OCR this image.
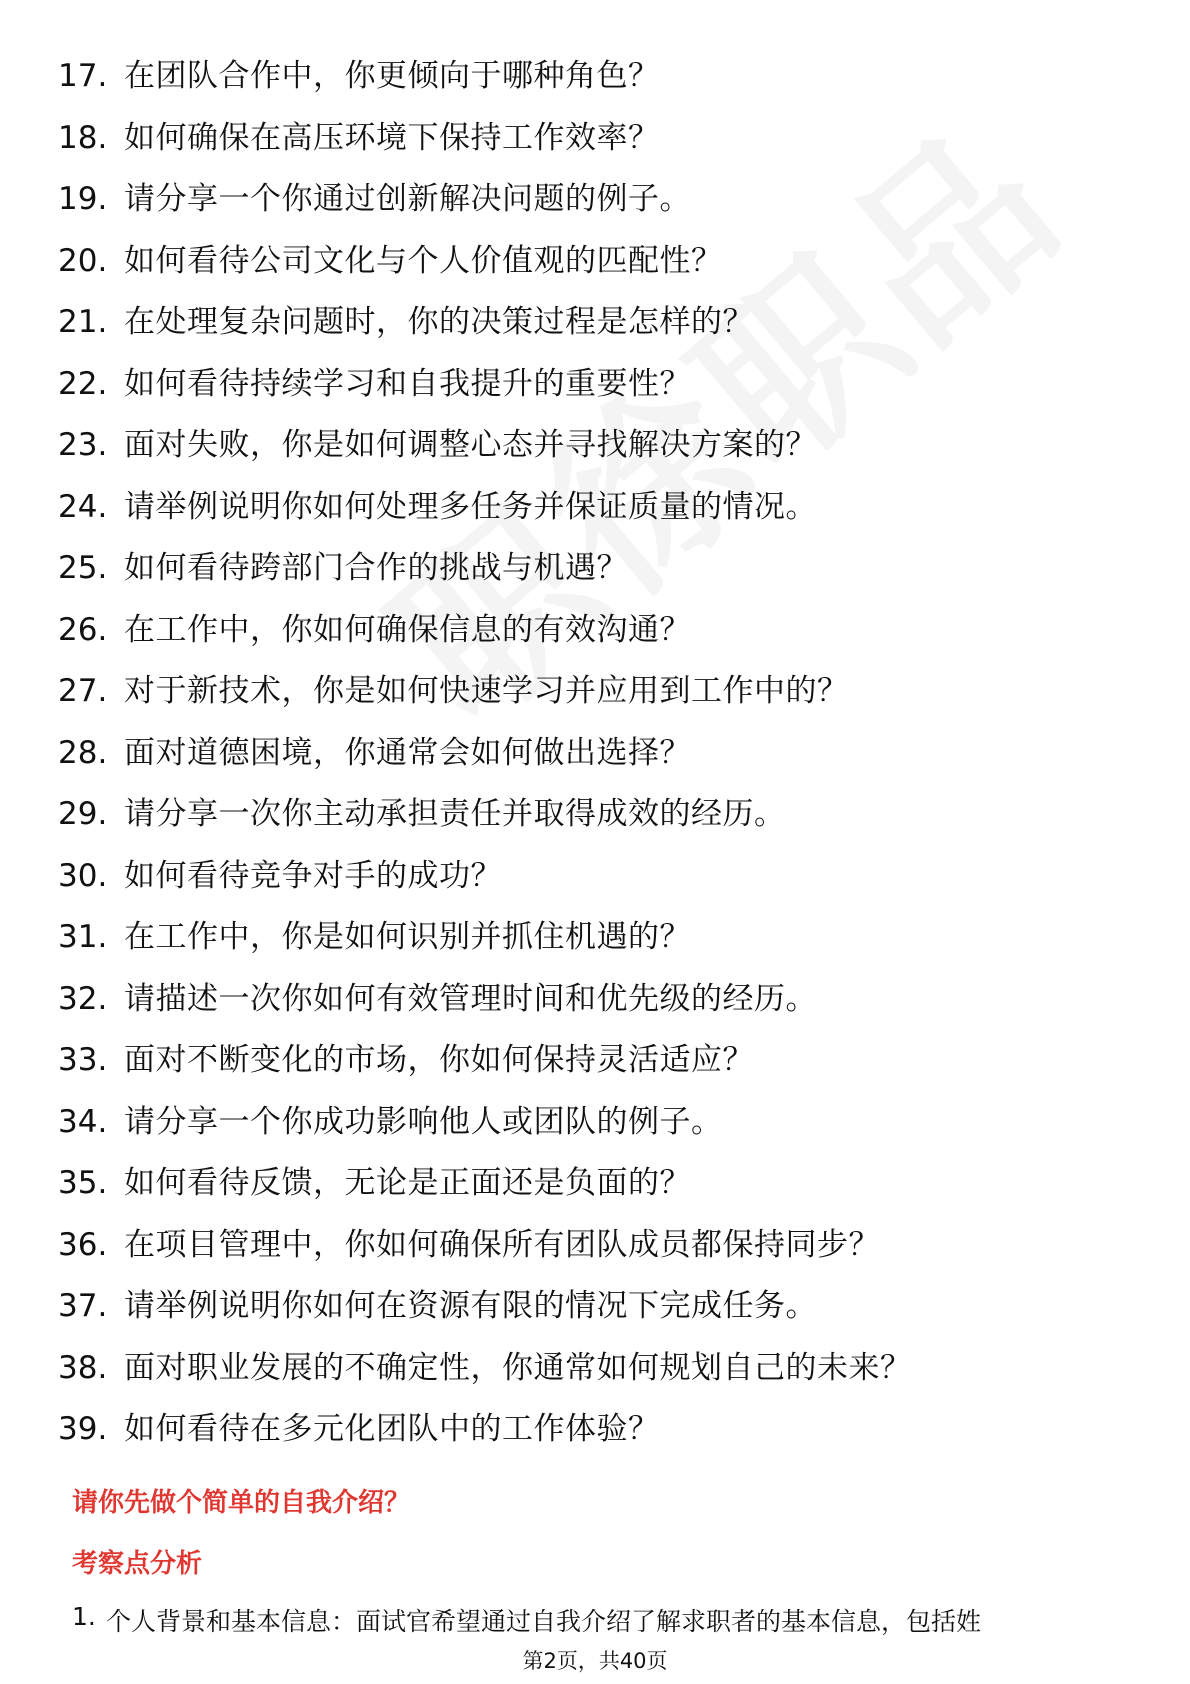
17. 在团队合作中，你更倾向于哪种角色？
18. 如何确保在高压环境下保持工作效率？
19. 请分享一个你通过创新解决问题的例子。
20. 如何看待公司文化与个人价值观的匹配性？
21. 在处理复杂问题时，你的决策过程是怎样的？
22. 如何看待持续学习和自我提升的重要性？
23. 面对失败，你是如何调整心态并寻找解决方案的？
24. 请举例说明你如何处理多任务并保证质量的情况。
25. 如何看待跨部门合作的挑战与机遇？
26. 在工作中，你如何确保信息的有效沟通？
27. 对于新技术，你是如何快速学习并应用到工作中的？
28. 面对道德困境，你通常会如何做出选择？
29. 请分享一次你主动承担责任并取得成效的经历。
30. 如何看待竞争对手的成功？
31. 在工作中，你是如何识别并抓住机遇的？
32. 请描述一次你如何有效管理时间和优先级的经历。
33. 面对不断变化的市场，你如何保持灵活适应？
34. 请分享一个你成功影响他人或团队的例子。
35. 如何看待反馈，无论是正面还是负面的？
36. 在项目管理中，你如何确保所有团队成员都保持同步？
37. 请举例说明你如何在资源有限的情况下完成任务。
38. 面对职业发展的不确定性，你通常如何规划自己的未来？
39. 如何看待在多元化团队中的工作体验？
请你先做个简单的自我介绍？
考察点分析
1. 个人背景和基本信息：面试官希望通过自我介绍了解求职者的基本信息，包括姓
第2页，共40页
